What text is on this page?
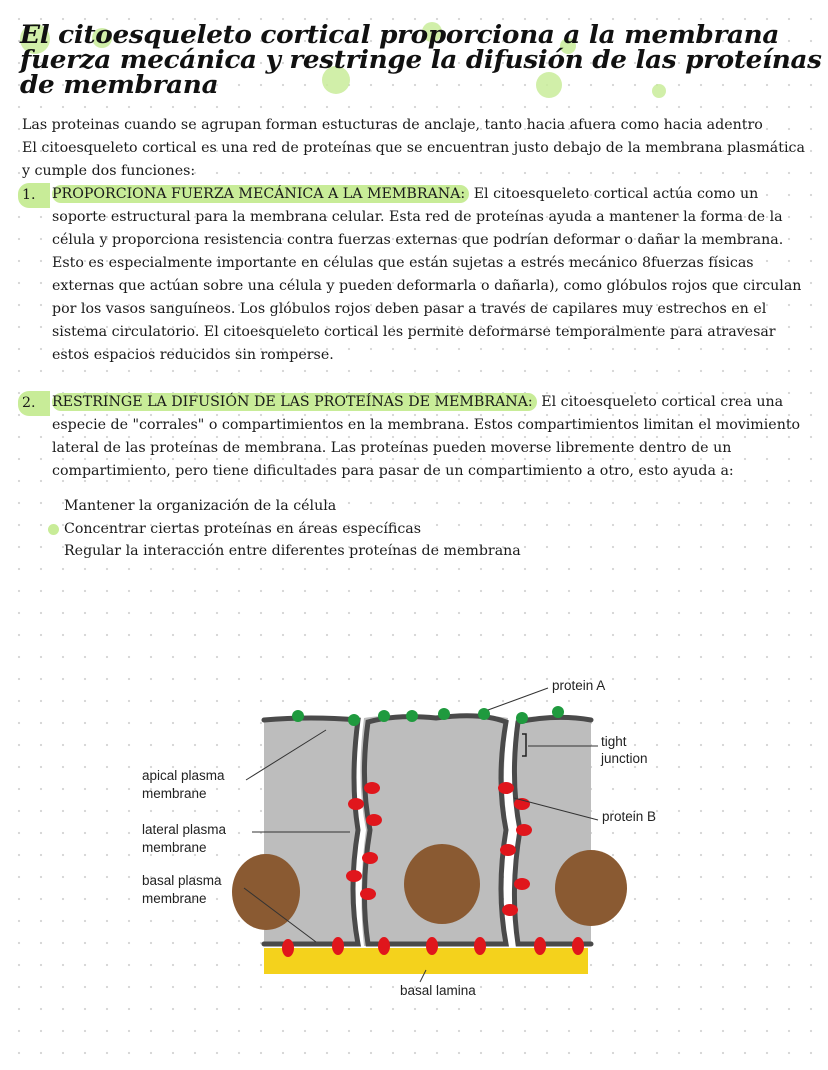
El citoesqueleto cortical proporciona a la membrana fuerza mecánica y restringe la difusión de las proteínas de membrana

Las proteinas cuando se agrupan forman estucturas de anclaje, tanto hacia afuera como hacia adentro

El citoesqueleto cortical es una red de proteínas que se encuentran justo debajo de la membrana plasmática y cumple dos funciones:

1.	PROPORCIONA FUERZA MECÁNICA A LA MEMBRANA: El citoesqueleto cortical actúa como un soporte estructural para la membrana celular. Esta red de proteínas ayuda a mantener la forma de la célula y proporciona resistencia contra fuerzas externas que podrían deformar o dañar la membrana. Esto es especialmente importante en células que están sujetas a estrés mecánico 8fuerzas físicas externas que actúan sobre una célula y pueden deformarla o dañarla), como glóbulos rojos que circulan por los vasos sanguíneos. Los glóbulos rojos deben pasar a través de capilares muy estrechos en el sistema circulatorio. El citoesqueleto cortical les permite deformarse temporalmente para atravesar estos espacios reducidos sin romperse.

2.	RESTRINGE LA DIFUSIÓN DE LAS PROTEÍNAS DE MEMBRANA: El citoesqueleto cortical crea una especie de "corrales" o compartimientos en la membrana. Estos compartimientos limitan el movimiento lateral de las proteínas de membrana. Las proteínas pueden moverse libremente dentro de un compartimiento, pero tiene dificultades para pasar de un compartimiento a otro, esto ayuda a:

Mantener la organización de la célula
Concentrar ciertas proteínas en áreas específicas
Regular la interacción entre diferentes proteínas de membrana
protein A
tight
junction
apical plasma
membrane
lateral plasma
membrane
basal plasma
membrane
protein B
basal lamina
